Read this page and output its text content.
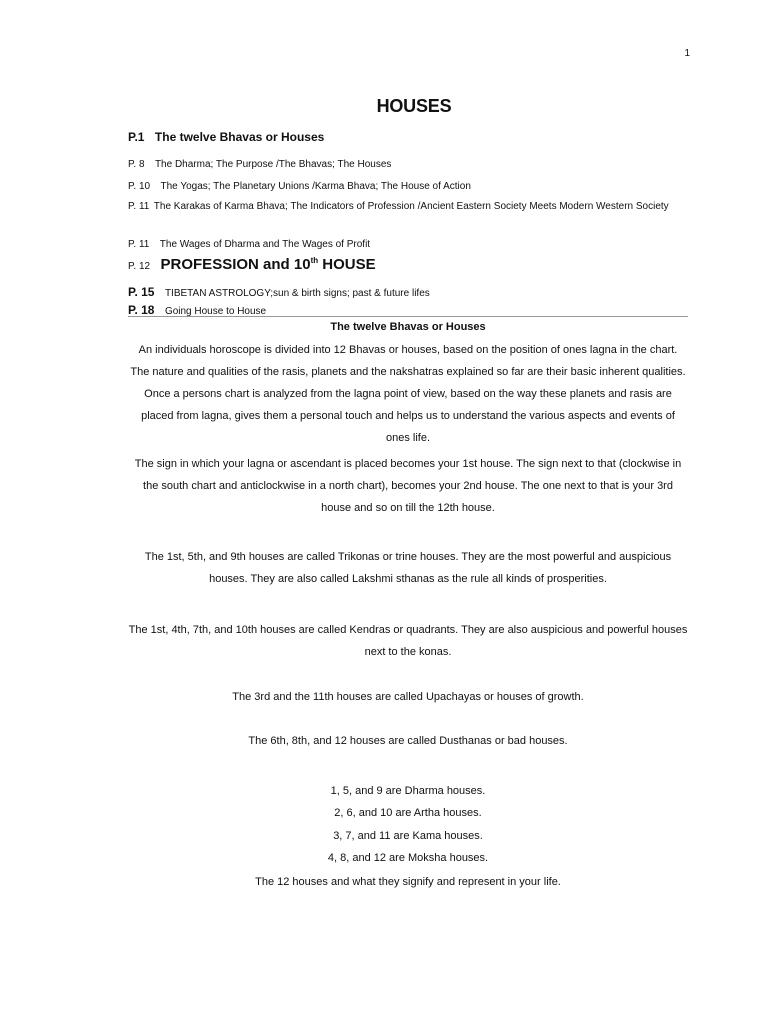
1
HOUSES
P.1 The twelve Bhavas or Houses
P. 8 The Dharma; The Purpose /The Bhavas; The Houses
P. 10 The Yogas; The Planetary Unions /Karma Bhava; The House of Action
P. 11 The Karakas of Karma Bhava; The Indicators of Profession /Ancient Eastern Society Meets Modern Western Society
P. 11 The Wages of Dharma and The Wages of Profit
P. 12 PROFESSION and 10th HOUSE
P. 15 TIBETAN ASTROLOGY;sun & birth signs; past & future lifes
P. 18 Going House to House
The twelve Bhavas or Houses
An individuals horoscope is divided into 12 Bhavas or houses, based on the position of ones lagna in the chart. The nature and qualities of the rasis, planets and the nakshatras explained so far are their basic inherent qualities. Once a persons chart is analyzed from the lagna point of view, based on the way these planets and rasis are placed from lagna, gives them a personal touch and helps us to understand the various aspects and events of ones life.
The sign in which your lagna or ascendant is placed becomes your 1st house. The sign next to that (clockwise in the south chart and anticlockwise in a north chart), becomes your 2nd house. The one next to that is your 3rd house and so on till the 12th house.
The 1st, 5th, and 9th houses are called Trikonas or trine houses. They are the most powerful and auspicious houses. They are also called Lakshmi sthanas as the rule all kinds of prosperities.
The 1st, 4th, 7th, and 10th houses are called Kendras or quadrants. They are also auspicious and powerful houses next to the konas.
The 3rd and the 11th houses are called Upachayas or houses of growth.
The 6th, 8th, and 12 houses are called Dusthanas or bad houses.
1, 5, and 9 are Dharma houses.
2, 6, and 10 are Artha houses.
3, 7, and 11 are Kama houses.
4, 8, and 12 are Moksha houses.
The 12 houses and what they signify and represent in your life.
